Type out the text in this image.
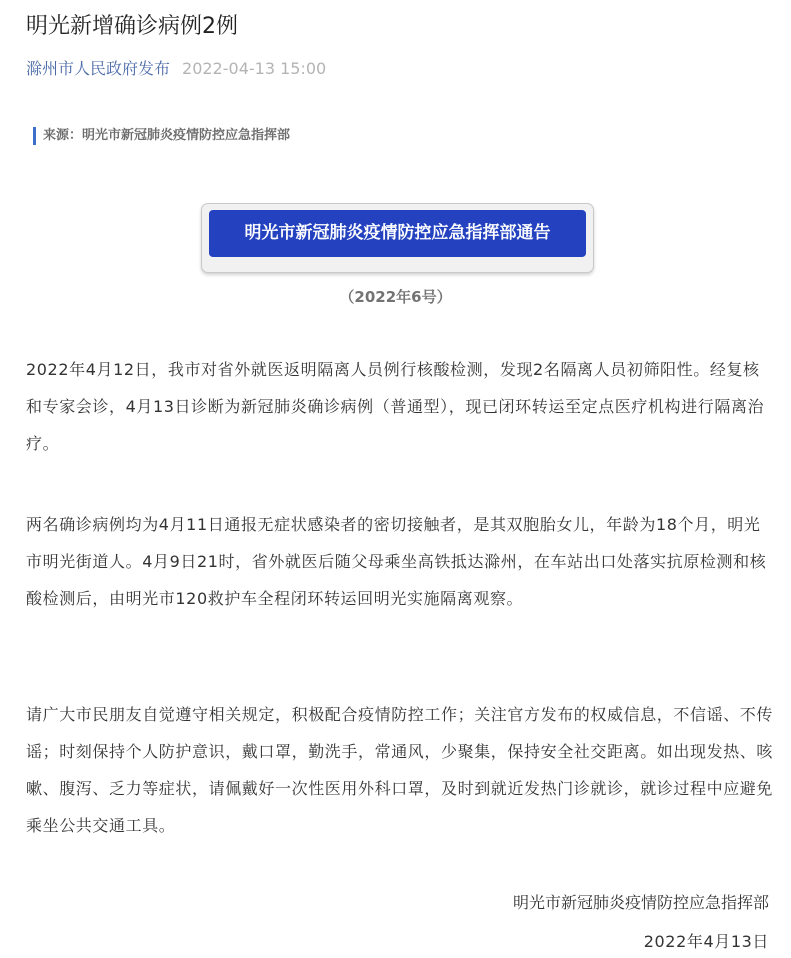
明光新增确诊病例2例
滁州市人民政府发布 2022-04-13 15:00
来源：明光市新冠肺炎疫情防控应急指挥部
明光市新冠肺炎疫情防控应急指挥部通告
（2022年6号）

2022年4月12日，我市对省外就医返明隔离人员例行核酸检测，发现2名隔离人员初筛阳性。经复核和专家会诊，4月13日诊断为新冠肺炎确诊病例（普通型），现已闭环转运至定点医疗机构进行隔离治疗。

两名确诊病例均为4月11日通报无症状感染者的密切接触者，是其双胞胎女儿，年龄为18个月，明光市明光街道人。4月9日21时，省外就医后随父母乘坐高铁抵达滁州，在车站出口处落实抗原检测和核酸检测后，由明光市120救护车全程闭环转运回明光实施隔离观察。

请广大市民朋友自觉遵守相关规定，积极配合疫情防控工作；关注官方发布的权威信息，不信谣、不传谣；时刻保持个人防护意识，戴口罩，勤洗手，常通风，少聚集，保持安全社交距离。如出现发热、咳嗽、腹泻、乏力等症状，请佩戴好一次性医用外科口罩，及时到就近发热门诊就诊，就诊过程中应避免乘坐公共交通工具。

明光市新冠肺炎疫情防控应急指挥部
2022年4月13日
